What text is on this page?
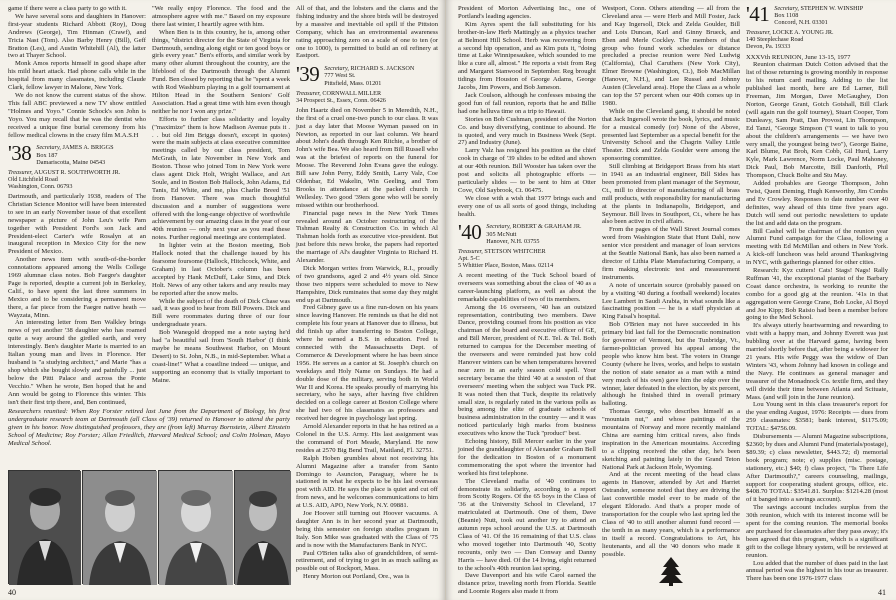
game if there were a class party to go with it.

We have several sons and daughters in Hanover: first-year students Richard Abbott (Roy), Doug Andrews (George), Tim Hinman (Crawf), and Tricia Nast (Tom). Also Barby Henry (Bill), Geff Bratton (Les), and Austin Whitehill (Al), the latter two at Thayer School.

Monk Amos reports himself in good shape after his mild heart attack. Had phone calls while in the hospital from many classmates, including Claude Clark, fellow lawyer in Malone, New York.

We do not know the current status of the show. This fall ABC previewed a new TV show entitled "Holmes and Yoyo." Connie Schock's son John is Yoyo. You may recall that he was the dentist who received a unique fine burial ceremony from his fellow medical clowns in the crazy film M.A.S.H

'38 Secretary, JAMES A. BRIGGS
Box 187
Damariscotta, Maine 04543
Treasurer, AUGUST R. SOUTHWORTH JR.
Old Litchfield Road
Washington, Conn. 06793

Dartmouth, and particularly 1938, readers of The Christian Science Monitor will have been interested to see in an early November issue of that excellent newspaper a picture of John Leu's wife Pam together with President Ford's son Jack and President-elect Carter's wife Rosalyn at an inaugural reception in Mexico City for the new President of Mexico.

Another news item with south-of-the-border connotations appeared among the Wells College 1969 alumnae class notes. Bob Faegre's daughter Page is reported, despite a current job in Berkeley, Calif., to have spent the last three summers in Mexico and to be considering a permanent move there, a far piece from the Faegre native heath — Wayzata, Minn.

An interesting letter from Ben Walkley brings news of yet another '38 daughter who has roamed quite a way around the girdled earth, and very interestingly. Ben's daughter Marie is married to an Italian young man and lives in Florence. Her husband is "a studying architect," and Marie "has a shop which she bought slowly and painfully ... just below the Pitti Palace and across the Ponte Vecchio." When he wrote, Ben hoped that he and Ann would be going to Florence this winter. This isn't their first trip there, and, Ben continued,

"We really enjoy Florence. The food and the atmosphere agree with me." Based on my exposure there last winter, I heartily agree with him.

When Ben is in this country, he is, among other things, "district director for the State of Virginia for Dartmouth, sending along eight or ten good boys or girls every year." Ben's efforts, and similar work by many other alumni throughout the country, are the lifeblood of the Dartmouth through the Alumni Fund. Ben closed by reporting that he "spent a week with Rod Washburn playing in a golf tournament at Hilton Head in the Southern Seniors' Golf Association. Had a great time with him even though neither he nor I won any prize."

Efforts to further class solidarity and loyalty ("maximize" them is how Madison Avenue puts it . . . but old Jim Briggs doesn't, except in quotes) were the main subjects at class executive committee meetings called by our class president, Tom McGrath, in late November in New York and Boston. Those who joined Tom in New York were class agent Dick Holt, Wright Wallace, and Art Soule, and in Boston Bob Hallock, John Adams, Ed Tanis, Ed White, and me, plus Charlie Breed '51 from Hanover. There was much thoughtful discussion and a number of suggestions were offered with the long-range objective of worthwhile achievement by our amazing class in the year of our 40th reunion — only next year as you read these notes. Further regional meetings are contemplated.

In lighter vein at the Boston meeting, Bob Hallock noted that the challenge issued by his fearsome foursome (Hallock, Hitchcock, White, and Graham) in last October's column has been accepted by Hank McDuff, Lake Sims, and Dick Holt. News of any other takers and any results may be reported after the snow melts.

While the subject of the death of Dick Chase was sad, it was good to hear from Bill Powers. Dick and Bill were roommates during three of our four undergraduate years.

Bob Wanegold dropped me a note saying he'd had "a beautiful sail from 'South Harbor' (I think maybe he means Southwest Harbor, on Mount Desert) to St. John, N.B., in mid-September. What a coast-line!" What a coastline indeed — unique, and supporting an economy that is vitally important to Maine.

All of that, and the lobsters and the clams and the fishing industry and the shore birds will be destroyed by a massive and inevitable oil spill if the Pittston Company, which has an environmental awareness rating approaching zero on a scale of one to ten (or one to 1000), is permitted to build an oil refinery at Eastport.

'39 Secretary, RICHARD S. JACKSON
777 West St.
Pittsfield, Mass. 01201
Treasurer, CORNWALL MILLER
34 Prospect St., Essex, Conn. 06426

John Haartz died on November 5 in Meredith, N.H., the first of a cruel one-two punch to our class. It was just a day later that Moose Wyman passed on in Newton, as reported in our last column. We heard about John's death through Ken Ritchie, a brother of John's wife Bea. We also heard from Bill Russell who was at the briefest of reports on the funeral for Moose. The Reverend John Evans gave the eulogy. Bill saw John Perry, Eddy Smith, Larry Valz, Coe Oldenbar, Ed Wakelin, Win Geeling, and Tom Brooks in attendance at the packed church in Wellesley. Two good '39ers gone who will be sorely missed within our brotherhood.

Financial page news in the New York Times revealed around an October restructuring of the Tishman Realty & Construction Co. in which Al Tishman holds forth as executive vice-president. But just before this news broke, the papers had reported the marriage of Al's daughter Virginia to Richard H. Alexander.

Dick Morgan writes from Warwick, R.I., proudly of two grandsons, aged 2 and 4½ years old. Since those two nippers were scheduled to move to New Hampshire, Dick ruminates that some day they might end up at Dartmouth.

Fred Gibney gave us a fine run-down on his years since leaving Hanover. He reminds us that he did not complete his four years at Hanover due to illness, but did finish up after transferring to Boston College, where he earned a B.S. in education. Fred is connected with the Massachusetts Dept. of Commerce & Development where he has been since 1956. He serves as a cantor at St. Joseph's church on weekdays and Holy Name on Sundays. He had a double dose of the military, serving both in World War II and Korea. He speaks proudly of marrying his secretary, who he says, after having five children decided on a college career at Boston College where she had two of his classmates as professors and received her degree in psychology last spring.

Arnold Alexander reports in that he has retired as a Colonel in the U.S. Army. His last assignment was the command of Fort Meade, Maryland. He now resides at 2570 Big Bend Trail, Maitland, Fl. 32751.

Ralph Hoben grumbles about not receiving his Alumni Magazine after a transfer from Santo Domingo to Asuncion, Paraguay, where he is stationed in what he expects to be his last overseas post with AID. He says the place is quiet and cut off from news, and he welcomes communications to him at U.S. AID, APO, New York, N.Y. 09881.

Joe Hoover still turning out Hoover vacuums. A daughter Ann is in her second year at Dartmouth, being this semester on foreign studies program in Italy. Son Mike was graduated with the Class of '75 and is now with the Manufacturers Bank in NYC.

Paul O'Brien talks also of grandchildren, of semi-retirement, and of trying to get in as much sailing as possible out of Rockport, Mass.

Henry Morton out Portland, Ore., was is

Researchers reunited: When Roy Forster retired last June from the Department of Biology, his first undergraduate research team at Dartmouth (all Class of '39) returned to Hanover to attend the party given in his honor. Now distinguished professors, they are (from left) Murray Bornstein, Albert Einstein School of Medicine; Roy Forster; Allan Friedlich, Harvard Medical School; and Colin Holman, Mayo Medical School.
40

President of Morton Advertising Inc., one of Portland's leading agencies.

Kim Ayres spent the fall substituting for his brother-in-law Herb Mattingly as a physics teacher at Belmont Hill School. Herb was recovering from a second hip operation, and as Kim puts it, "doing time at Lake Winnipesaukee, which sounded to me like a cure all, almost." He reports a visit from Reg and Margaret Stanwood in September. Reg brought tidings from Houston of George Adams, George Jacobs, Jim Powers, and Bob Jameson.

Jack Coulson, although he confesses missing the good fun of fall reunion, reports that he and Billie had one helluva time on a trip to Hawaii.

Stories on Bob Cushman, president of the Norton Co. and busy diversifying, continue to abound. He is quoted, and very much in Business Week (Sept. 27) and Industry (June).

Larry Valz has resigned his position as the chief cook in charge of '39 slides to be edited and shown at our 40th reunion. Bill Wooster has taken over the post and solicits all photographic efforts — particularly slides — to be sent to him at Otter Cove, Old Saybrook, Ct. 06475.

We close with a wish that 1977 brings each and every one of us all sorts of good things, including health.

'40 Secretary, ROBERT & GRAHAM JR.
305 McNutt
Hanover, N.H. 03755
Treasurer, STETSON WHITCHER
Apt. 5-C
5 Whittier Place, Boston, Mass. 02114

A recent meeting of the Tuck School board of overseers was something about the class of '40 as a career-launching platform, as well as about the remarkable capabilities of two of its members.

Among the 16 overseers, '40 has an outsized representation, contributing two members. Dave Dance, providing counsel from his position as vice chairman of the board and executive officer of GE, and Bill Mercer, president of N.E. Tel. & Tel. Both returned to campus for the December meeting of the overseers and were reminded just how cold Hanover winters can be when temperatures hovered near zero in an early season cold spell. Your secretary became the third '40 at a session of that overseers' meeting when the subject was Tuck PR. It was noted then that Tuck, despite its relatively small size, is regularly rated in the various polls as being among the elite of graduate schools of business administration in the country — and it was noticed particularly high marks from business executives who know the Tuck "product" best.

Echoing history, Bill Mercer earlier in the year joined the granddaughter of Alexander Graham Bell for the dedication in Boston of a monument commemorating the spot where the inventor had worked his first telephone.

The Cleveland mafia of '40 continues to demonstrate its solidarity, according to a report from Scotty Rogers. Of the 65 boys in the Class of '36 at the University School in Cleveland, 17 matriculated at Dartmouth. One of them, Dave (Beanie) Nutt, took out another try to attend an autumn reps school around the U.S. at Dartmouth Class of '41. Of the 16 remaining of that U.S. class who moved together into Dartmouth '40, Scotty recounts, only two — Dan Conway and Danny Harris — have died. Of the 14 living, eight returned to the school's 40th reunion last spring.

Dave Davenport and his wife Carol earned the distance prize, traveling north from Florida. Seattle and Loomie Rogers also made it from

Westport, Conn. Others attending — all from the Cleveland area — were Herb and Mill Foster, Jack and Kay Ingersoll, Dick and Zelda Goulder, Bill and Lois Duncan, Karl and Ginny Brueck, and Eben and Merle Cockley. The members of that group who found work schedules or distance precluded a precise reunion were Ned Ludwig (California), Chal Caruthers (New York City), Elmer Browne (Washington, Ct.), Bob MacMillan (Hanover, N.H.), and Lee Russel and Johnny Austen (Cleveland area). Hope the Class as a whole can top the 57 percent when our 40th comes up in 1980.

While on the Cleveland gang, it should be noted that Jack Ingersoll wrote the book, lyrics, and music for a musical comedy (or) None of the Above, presented last September as a special benefit for the University School and the Chagrin Valley Little Theater. Dick and Zelda Goulder were among the sponsoring committee.

Still climbing at Bridgeport Brass from his start in 1941 as an industrial engineer, Bill Sides has been promoted from plant manager of the Seymour, Ct., mill to director of manufacturing of all brass mill products, with responsibility for manufacturing at the plants in Indianapolis, Bridgeport, and Seymour. Bill lives in Southport, Ct., where he has also been active in civil affairs.

From the pages of the Wall Street Journal comes word from Washington State that Hunt Dahl, now senior vice president and manager of loan services at the Seattle National Bank, has also been named a director of Lithia Plate Manufacturing Company, a firm making electronic test and measurement instruments.

A note of uncertain source (probably passed on by a visiting '40 during a football weekend) locates Lee Lambert in Saudi Arabia, in what sounds like a fascinating position — he is a staff physician at King Faisal's hospital.

Bob O'Brien may not have succeeded in his primary bid last fall for the Democratic nomination for governor of Vermont, but the Tunbridge, Vt., farmer-politician proved his appeal among the people who know him best. The voters in Orange County (where he lives, works, and helps to sustain the notion of state senator as a man with a mind very much of his own) gave him the edge over the winner, later defeated in the election, by six percent, although he finished third in overall primary balloting.

Thomas George, who describes himself as a "mountain nut," and whose paintings of the mountains of Norway and more recently mainland China are earning him critical raves, also finds inspiration in the American mountains. According to a clipping received the other day, he's been sketching and painting lately in the Grand Teton National Park at Jackson Hole, Wyoming.

And at the recent meeting of the head class agents in Hanover, attended by Art and Harriet Ostrander, someone noted that they are driving the last convertible model ever to be made of the elegant Eldorado. And that's a proper mode of transportation for the couple who last spring led the Class of '40 to still another alumni fund record — the tenth in as many years, which is a performance in itself a record. Congratulations to Art, his lieutenants, and all the '40 donors who made it possible.

'41 Secretary, STEPHEN W. WINSHIP
Box 1108
Concord, N.H. 03301
Treasurer, LOCKE A. YOUNG JR.
140 Steeplechase Road
Devon, Pa. 19333

XXXVth REUNION, June 13-15, 1977

Reunion chairman Dutch Cotton advised that the list of those returning is growing monthly in response to his return card mailing. Adding to the list published last month, here are Ed Larner, Bill Freeman, Jim Morgan, Dave McGaughey, Don Norton, George Grant, Gotch Gotshall, Bill Clark (will again run the golf tourney), Stuart Cooper, Tom Dunleavy, Sam Pratt, Dan Provost, Lin Thompson, Ed Tanzi, "George Simpson ("I want to talk to you about the children's arrangements — we have two very small, the youngest being two"), George Baine, Karl Blume, Pat Broh, Ken Cobb, Gil Hurd, Larry Kyle, Mark Lawrence, Norm Locke, Paul Mahoney, Dick Paul, Bob Marcotte, Bill Danforth, Phil Thompson, Chuck Bolte and Stu May.

Added probables are George Thompson, John Twist, Quent Deming, Hugh Kenworthy, Jim Combs and Ev Crowley. Responses to date number over 40 definites, way ahead of this time five years ago. Dutch will send out periodic newsletters to update the list and add data on the program.

Bill Cashel will be chairman of the reunion year Alumni Fund campaign for the Class, following a meeting with Ed McMillan and others in New York. A kick-off luncheon was held around Thanksgiving in NYC, with gatherings planned for other cities.

Research: Kyz cutters! Cats! Stags! Nags! Rally Ruffman '41, the exceptional pianist of the Barbary Coast dance orchestra, is working to reunite the combo for a good gig at the reunion. '41s in that aggregation were George Crane, Bob Locke, Al Boyd and Joe Kipp; Bob Raisio had been a member before going to the Med School.

It's always utterly heartwarming and rewarding to visit with a happy man, and Johnny Everett was just bubbling over at the Harvard game, having been married shortly before that, after being a widower for 21 years. His wife Peggy was the widow of Dan Winters '43, whom Johnny had known in college and the Navy. He continues as general manager and treasurer of the Monadnock Co. textile firm, and they will divide their time between Atlanta and Scituate, Mass. (and will join in the June reunion).

Lou Young sent in this class treasurer's report for the year ending August, 1976: Receipts — dues from 259 classmates: $3581; bank interest, $1175.09; TOTAL: $4756.09.

Disbursements — Alumni Magazine subscriptions, $2360; by dues and Alumni Fund (materials/postage), $89.39; c) class newsletter, $443.72; d) memorial book program; note; e) supplies (misc. postage, stationery, etc.) $40; f) class project, "Is There Life After Dartmouth?," careers counseling, mailings, support for cooperating student groups, office, etc. $408.70 TOTAL: $3541.81. Surplus: $1214.28 (most of it banged into a savings account).

The savings account includes surplus from the 30th reunion, which with its interest income will be spent for the coming reunion. The memorial books are purchased for classmates after they pass away; it's been agreed that this program, which is a significant gift to the college library system, will be reviewed at reunion.

Lou added that the number of dues paid in the last annual period was the highest in his tour as treasurer. There has been one 1976-1977 class

41
